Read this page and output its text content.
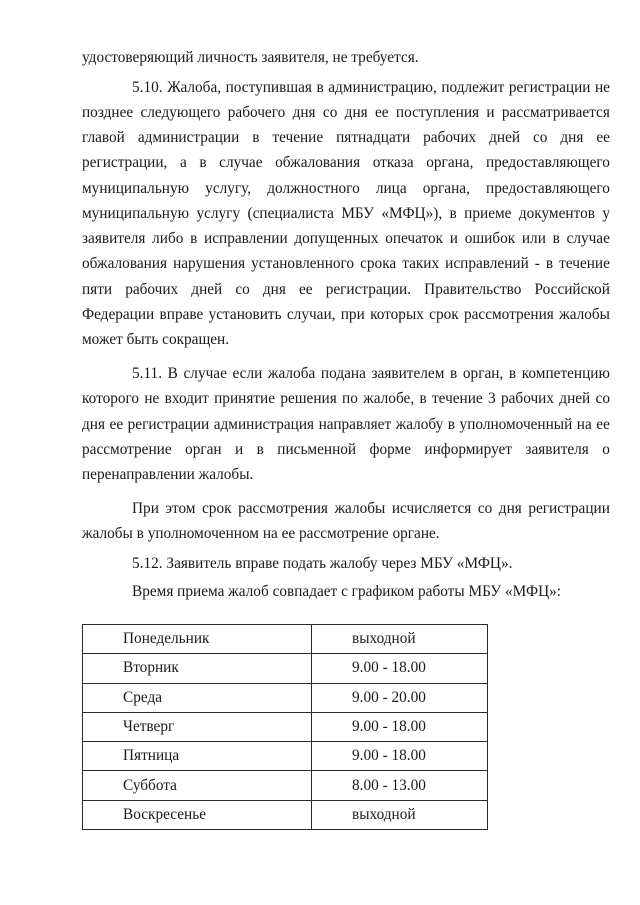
удостоверяющий личность заявителя, не требуется.

5.10. Жалоба, поступившая в администрацию, подлежит регистрации не
позднее следующего рабочего дня со дня ее поступления и рассматривается
главой администрации в течение пятнадцати рабочих дней со дня ее
регистрации, а в случае обжалования отказа органа, предоставляющего
муниципальную услугу, должностного лица органа, предоставляющего
муниципальную услугу (специалиста МБУ «МФЦ»), в приеме документов у
заявителя либо в исправлении допущенных опечаток и ошибок или в случае
обжалования нарушения установленного срока таких исправлений - в течение
пяти рабочих дней со дня ее регистрации. Правительство Российской
Федерации вправе установить случаи, при которых срок рассмотрения жалобы

может быть сокращен.

5.11. В случае если жалоба подана заявителем в орган, в компетенцию
которого не входит принятие решения по жалобе, в течение 3 рабочих дней со
дня ее регистрации администрация направляет жалобу в уполномоченный на ее
рассмотрение орган и в письменной форме информирует заявителя о

перенаправлении жалобы.

При этом срок рассмотрения жалобы исчисляется со дня регистрации

жалобы в уполномоченном на ее рассмотрение органе.

5.12. Заявитель вправе подать жалобу через МБУ «МФЦ».

Время приема жалоб совпадает с графиком работы МБУ «МФЦ»:

Понедельник	выходной
Вторник	9.00 - 18.00
Среда	9.00 - 20.00
Четверг	9.00 - 18.00
Пятница	9.00 - 18.00
Суббота	8.00 - 13.00
Воскресенье	выходной
